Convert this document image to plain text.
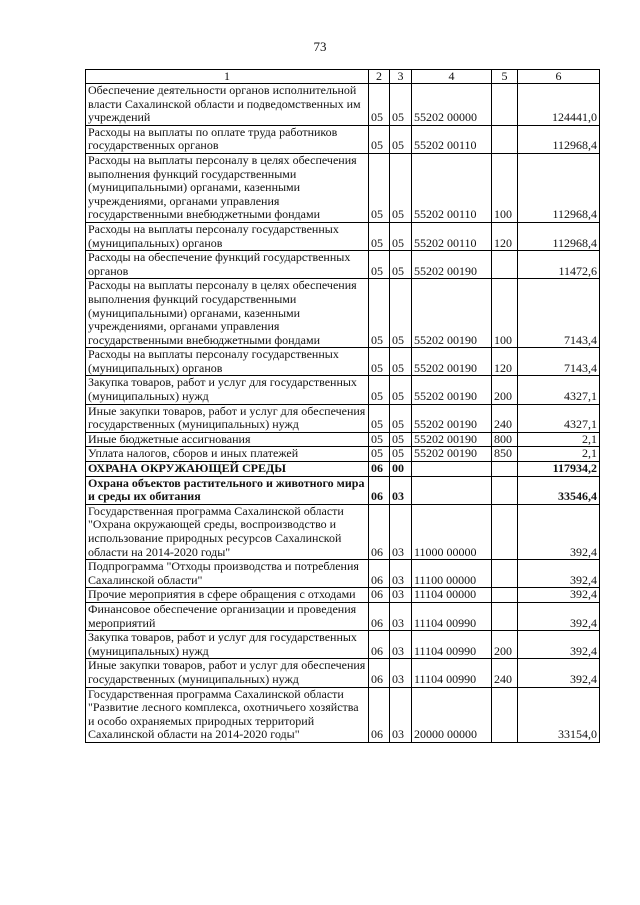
73
1	2	3	4	5	6
Обеспечение деятельности органов исполнительной власти Сахалинской области и подведомственных им учреждений	05	05	55202 00000		124441,0
Расходы на выплаты по оплате труда работников государственных органов	05	05	55202 00110		112968,4
Расходы на выплаты персоналу в целях обеспечения выполнения функций государственными (муниципальными) органами, казенными учреждениями, органами управления государственными внебюджетными фондами	05	05	55202 00110	100	112968,4
Расходы на выплаты персоналу государственных (муниципальных) органов	05	05	55202 00110	120	112968,4
Расходы на обеспечение функций государственных органов	05	05	55202 00190		11472,6
Расходы на выплаты персоналу в целях обеспечения выполнения функций государственными (муниципальными) органами, казенными учреждениями, органами управления государственными внебюджетными фондами	05	05	55202 00190	100	7143,4
Расходы на выплаты персоналу государственных (муниципальных) органов	05	05	55202 00190	120	7143,4
Закупка товаров, работ и услуг для государственных (муниципальных) нужд	05	05	55202 00190	200	4327,1
Иные закупки товаров, работ и услуг для обеспечения государственных (муниципальных) нужд	05	05	55202 00190	240	4327,1
Иные бюджетные ассигнования	05	05	55202 00190	800	2,1
Уплата налогов, сборов и иных платежей	05	05	55202 00190	850	2,1
ОХРАНА ОКРУЖАЮЩЕЙ СРЕДЫ	06	00			117934,2
Охрана объектов растительного и животного мира и среды их обитания	06	03			33546,4
Государственная программа Сахалинской области "Охрана окружающей среды, воспроизводство и использование природных ресурсов Сахалинской области на 2014-2020 годы"	06	03	11000 00000		392,4
Подпрограмма "Отходы производства и потребления Сахалинской области"	06	03	11100 00000		392,4
Прочие мероприятия в сфере обращения с отходами	06	03	11104 00000		392,4
Финансовое обеспечение организации и проведения мероприятий	06	03	11104 00990		392,4
Закупка товаров, работ и услуг для государственных (муниципальных) нужд	06	03	11104 00990	200	392,4
Иные закупки товаров, работ и услуг для обеспечения государственных (муниципальных) нужд	06	03	11104 00990	240	392,4
Государственная программа Сахалинской области "Развитие лесного комплекса, охотничьего хозяйства и особо охраняемых природных территорий Сахалинской области на 2014-2020 годы"	06	03	20000 00000		33154,0
